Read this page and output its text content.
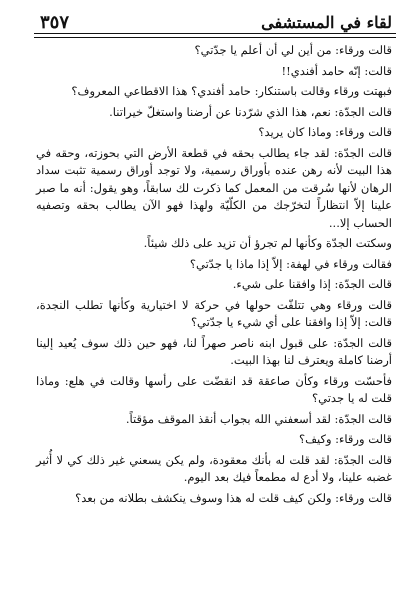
لقاء في المستشفى
٣٥٧

قالت ورقاء: من أين لي أن أعلم يا جدّتي؟

قالت: إنّه حامد أفندي!!

فبهتت ورقاء وقالت باستنكار: حامد أفندي؟ هذا الاقطاعي المعروف؟

قالت الجدّة: نعم، هذا الذي شرّدنا عن أرضنا واستغلّ خيراتنا.

قالت ورقاء: وماذا كان يريد؟

قالت الجدّة: لقد جاء يطالب بحقه في قطعة الأرض التي بحوزته، وحقه في هذا البيت لأنه رهن عنده بأوراق رسمية، ولا توجد أوراق رسمية تثبت سداد الرهان لأنها سُرقت من المعمل كما ذكرت لك سابقاً، وهو يقول: أنه ما صبر علينا إلاّ انتظاراً لتخرّجك من الكلّيّة ولهذا فهو الآن يطالب بحقه وتصفيه الحساب إلا...

وسكتت الجدّة وكأنها لم تجرؤ أن تزيد على ذلك شيئاً.

فقالت ورقاء في لهفة: إلاّ إذا ماذا يا جدّتي؟

قالت الجدّة: إذا وافقنا على شيء.

قالت ورقاء وهي تتلفّت حولها في حركة لا اختيارية وكأنها تطلب النجدة، قالت: إلاّ إذا وافقنا على أي شيء يا جدّتي؟

قالت الجدّة: على قبول ابنه ناصر صهراً لنا، فهو حين ذلك سوف يُعيد إلينا أرضنا كاملة ويعترف لنا بهذا البيت.

فأحسّت ورقاء وكأن صاعقة قد انقضّت على رأسها وقالت في هلع: وماذا قلت له يا جدتي؟

قالت الجدّة: لقد أسعفني الله بجواب أنقذ الموقف مؤقتاً.

قالت ورقاء: وكيف؟

قالت الجدّة: لقد قلت له بأنك معقودة، ولم يكن يسعني غير ذلك كي لا أُثير غضبه علينا، ولا أدع له مطمعاً فيك بعد اليوم.

قالت ورقاء: ولكن كيف قلت له هذا وسوف ينكشف بطلانه من بعد؟
